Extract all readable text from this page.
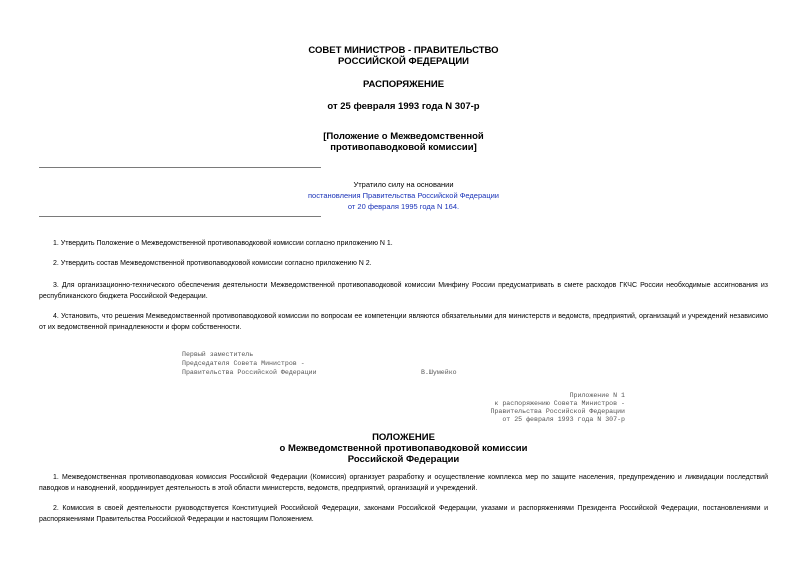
СОВЕТ МИНИСТРОВ - ПРАВИТЕЛЬСТВО
РОССИЙСКОЙ ФЕДЕРАЦИИ
РАСПОРЯЖЕНИЕ
от 25 февраля 1993 года N 307-р
[Положение о Межведомственной
противопаводковой комиссии]
Утратило силу на основании
постановления Правительства Российской Федерации
от 20 февраля 1995 года N 164.
1. Утвердить Положение о Межведомственной противопаводковой комиссии согласно приложению N 1.
2. Утвердить состав Межведомственной противопаводковой комиссии согласно приложению N 2.
3. Для организационно-технического обеспечения деятельности Межведомственной противопаводковой комиссии Минфину России предусматривать в смете расходов ГКЧС России необходимые ассигнования из республиканского бюджета Российской Федерации.
4. Установить, что решения Межведомственной противопаводковой комиссии по вопросам ее компетенции являются обязательными для министерств и ведомств, предприятий, организаций и учреждений независимо от их ведомственной принадлежности и форм собственности.
Первый заместитель
Председателя Совета Министров -
Правительства Российской Федерации	В.Шумейко
Приложение N 1
к распоряжению Совета Министров -
Правительства Российской Федерации
от 25 февраля 1993 года N 307-р
ПОЛОЖЕНИЕ
о Межведомственной противопаводковой комиссии
Российской Федерации
1. Межведомственная противопаводковая комиссия Российской Федерации (Комиссия) организует разработку и осуществление комплекса мер по защите населения, предупреждению и ликвидации последствий паводков и наводнений, координирует деятельность в этой области министерств, ведомств, предприятий, организаций и учреждений.
2. Комиссия в своей деятельности руководствуется Конституцией Российской Федерации, законами Российской Федерации, указами и распоряжениями Президента Российской Федерации, постановлениями и распоряжениями Правительства Российской Федерации и настоящим Положением.
